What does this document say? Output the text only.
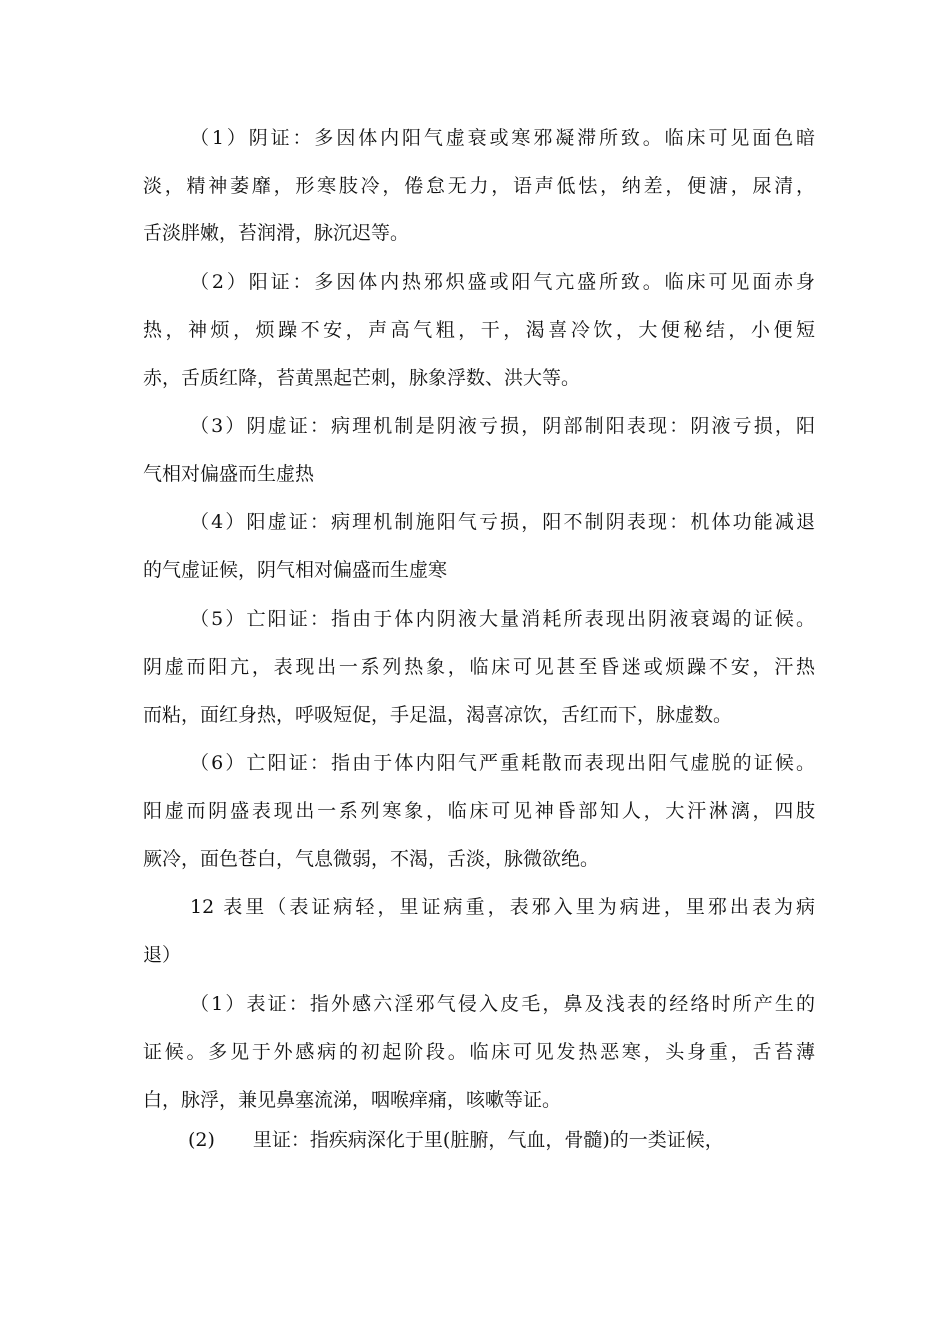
（1）阴证：多因体内阳气虚衰或寒邪凝滞所致。临床可见面色暗
淡，精神萎靡，形寒肢冷，倦怠无力，语声低怯，纳差，便溏，尿清，
舌淡胖嫩，苔润滑，脉沉迟等。
（2）阳证：多因体内热邪炽盛或阳气亢盛所致。临床可见面赤身
热，神烦，烦躁不安，声高气粗，干，渴喜冷饮，大便秘结，小便短
赤，舌质红降，苔黄黑起芒刺，脉象浮数、洪大等。
（3）阴虚证：病理机制是阴液亏损，阴部制阳表现：阴液亏损，阳
气相对偏盛而生虚热
（4）阳虚证：病理机制施阳气亏损，阳不制阴表现：机体功能减退
的气虚证候，阴气相对偏盛而生虚寒
（5）亡阳证：指由于体内阴液大量消耗所表现出阴液衰竭的证候。
阴虚而阳亢，表现出一系列热象，临床可见甚至昏迷或烦躁不安，汗热
而粘，面红身热，呼吸短促，手足温，渴喜凉饮，舌红而下，脉虚数。
（6）亡阳证：指由于体内阳气严重耗散而表现出阳气虚脱的证候。
阳虚而阴盛表现出一系列寒象，临床可见神昏部知人，大汗淋漓，四肢
厥冷，面色苍白，气息微弱，不渴，舌淡，脉微欲绝。
12 表里（表证病轻，里证病重，表邪入里为病进，里邪出表为病
退）
（1）表证：指外感六淫邪气侵入皮毛，鼻及浅表的经络时所产生的
证候。多见于外感病的初起阶段。临床可见发热恶寒，头身重，舌苔薄
白，脉浮，兼见鼻塞流涕，咽喉痒痛，咳嗽等证。
(2)　　里证：指疾病深化于里(脏腑，气血，骨髓)的一类证候，
